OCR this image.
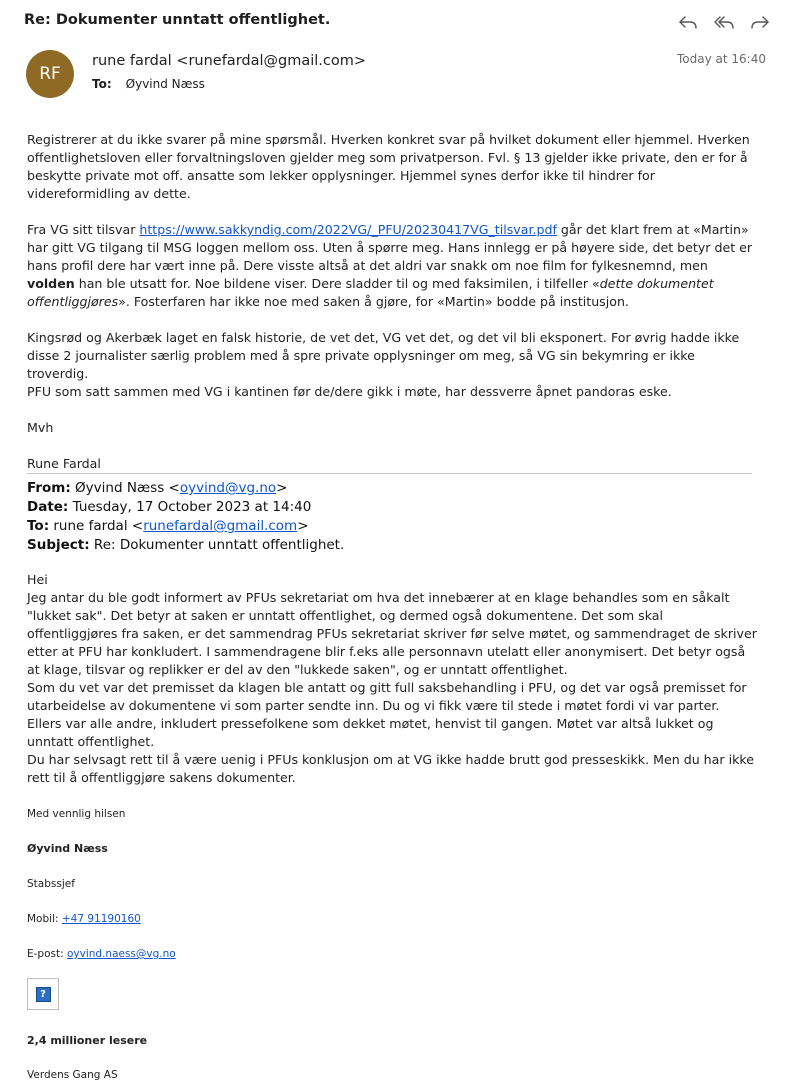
Re: Dokumenter unntatt offentlighet.
RF
rune fardal <runefardal@gmail.com>
To: Øyvind Næss
Today at 16:40

Registrerer at du ikke svarer på mine spørsmål. Hverken konkret svar på hvilket dokument eller hjemmel. Hverken offentlighetsloven eller forvaltningsloven gjelder meg som privatperson. Fvl. § 13 gjelder ikke private, den er for å beskytte private mot off. ansatte som lekker opplysninger. Hjemmel synes derfor ikke til hindrer for videreformidling av dette.

Fra VG sitt tilsvar https://www.sakkyndig.com/2022VG/_PFU/20230417VG_tilsvar.pdf går det klart frem at «Martin» har gitt VG tilgang til MSG loggen mellom oss. Uten å spørre meg. Hans innlegg er på høyere side, det betyr det er hans profil dere har vært inne på. Dere visste altså at det aldri var snakk om noe film for fylkesnemnd, men volden han ble utsatt for. Noe bildene viser. Dere sladder til og med faksimilen, i tilfeller «dette dokumentet offentliggjøres». Fosterfaren har ikke noe med saken å gjøre, for «Martin» bodde på institusjon.

Kingsrød og Akerbæk laget en falsk historie, de vet det, VG vet det, og det vil bli eksponert. For øvrig hadde ikke disse 2 journalister særlig problem med å spre private opplysninger om meg, så VG sin bekymring er ikke troverdig.
PFU som satt sammen med VG i kantinen før de/dere gikk i møte, har dessverre åpnet pandoras eske.

Mvh

Rune Fardal

From: Øyvind Næss <oyvind@vg.no>
Date: Tuesday, 17 October 2023 at 14:40
To: rune fardal <runefardal@gmail.com>
Subject: Re: Dokumenter unntatt offentlighet.

Hei

Jeg antar du ble godt informert av PFUs sekretariat om hva det innebærer at en klage behandles som en såkalt "lukket sak". Det betyr at saken er unntatt offentlighet, og dermed også dokumentene. Det som skal offentliggjøres fra saken, er det sammendrag PFUs sekretariat skriver før selve møtet, og sammendraget de skriver etter at PFU har konkludert. I sammendragene blir f.eks alle personnavn utelatt eller anonymisert. Det betyr også at klage, tilsvar og replikker er del av den "lukkede saken", og er unntatt offentlighet.

Som du vet var det premisset da klagen ble antatt og gitt full saksbehandling i PFU, og det var også premisset for utarbeidelse av dokumentene vi som parter sendte inn. Du og vi fikk være til stede i møtet fordi vi var parter. Ellers var alle andre, inkludert pressefolkene som dekket møtet, henvist til gangen. Møtet var altså lukket og unntatt offentlighet.

Du har selvsagt rett til å være uenig i PFUs konklusjon om at VG ikke hadde brutt god presseskikk. Men du har ikke rett til å offentliggjøre sakens dokumenter.

Med vennlig hilsen
Øyvind Næss
Stabssjef
Mobil: +47 91190160
E-post: oyvind.naess@vg.no
?
2,4 millioner lesere
Verdens Gang AS
